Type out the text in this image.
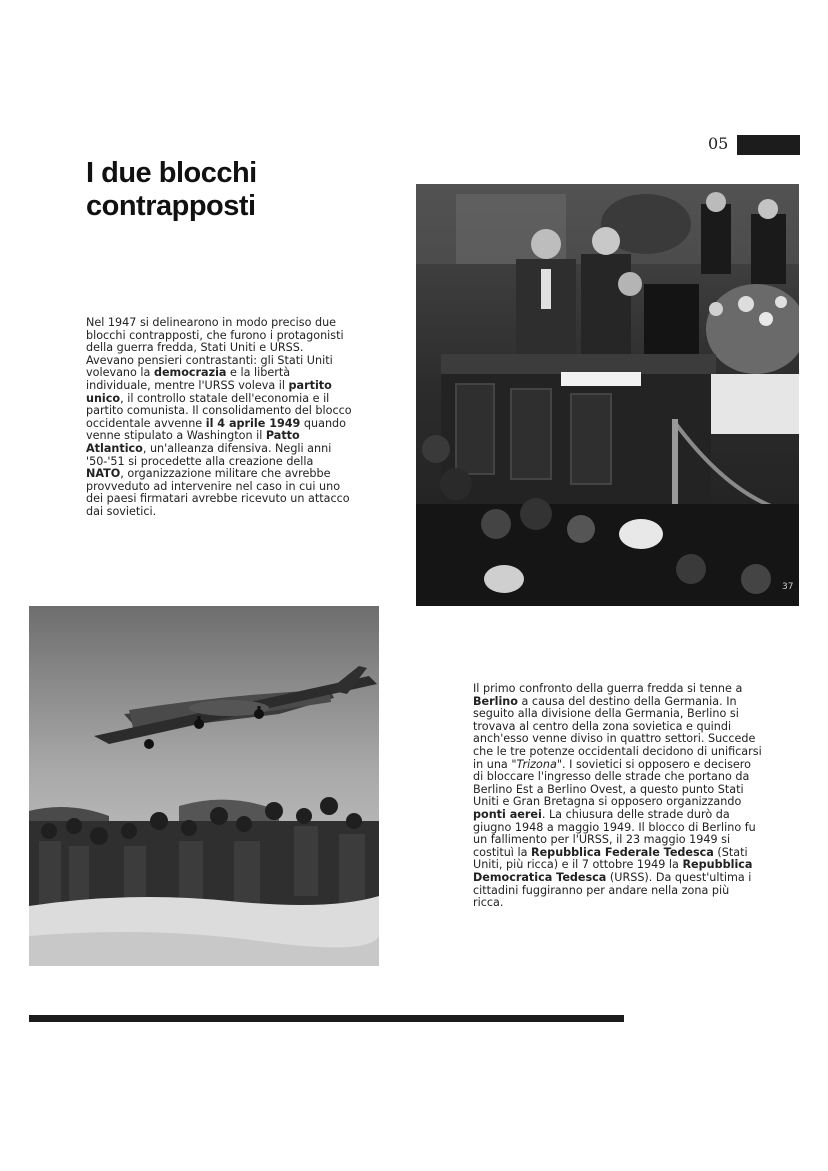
05
I due blocchi contrapposti

Nel 1947 si delinearono in modo preciso due blocchi contrapposti, che furono i protagonisti della guerra fredda, Stati Uniti e URSS. Avevano pensieri contrastanti: gli Stati Uniti volevano la democrazia e la libertà individuale, mentre l'URSS voleva il partito unico, il controllo statale dell'economia e il partito comunista. Il consolidamento del blocco occidentale avvenne il 4 aprile 1949 quando venne stipulato a Washington il Patto Atlantico, un'alleanza difensiva. Negli anni '50-'51 si procedette alla creazione della NATO, organizzazione militare che avrebbe provveduto ad intervenire nel caso in cui uno dei paesi firmatari avrebbe ricevuto un attacco dai sovietici.

37

Il primo confronto della guerra fredda si tenne a Berlino a causa del destino della Germania. In seguito alla divisione della Germania, Berlino si trovava al centro della zona sovietica e quindi anch'esso venne diviso in quattro settori. Succede che le tre potenze occidentali decidono di unificarsi in una "Trizona". I sovietici si opposero e decisero di bloccare l'ingresso delle strade che portano da Berlino Est a Berlino Ovest, a questo punto Stati Uniti e Gran Bretagna si opposero organizzando ponti aerei. La chiusura delle strade durò da giugno 1948 a maggio 1949. Il blocco di Berlino fu un fallimento per l'URSS, il 23 maggio 1949 si costituì la Repubblica Federale Tedesca (Stati Uniti, più ricca) e il 7 ottobre 1949 la Repubblica Democratica Tedesca (URSS). Da quest'ultima i cittadini fuggiranno per andare nella zona più ricca.
